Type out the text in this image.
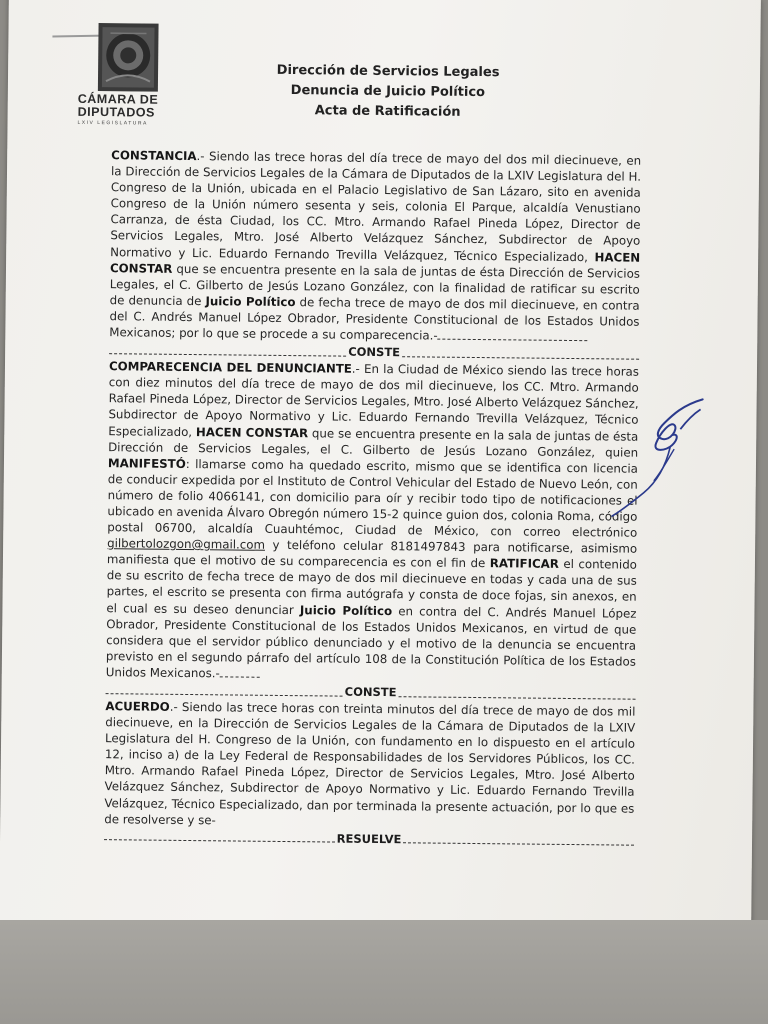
CÁMARA DE
DIPUTADOS
LXIV LEGISLATURA
Dirección de Servicios Legales
Denuncia de Juicio Político
Acta de Ratificación

CONSTANCIA.- Siendo las trece horas del día trece de mayo del dos mil diecinueve, en la Dirección de Servicios Legales de la Cámara de Diputados de la LXIV Legislatura del H. Congreso de la Unión, ubicada en el Palacio Legislativo de San Lázaro, sito en avenida Congreso de la Unión número sesenta y seis, colonia El Parque, alcaldía Venustiano Carranza, de ésta Ciudad, los CC. Mtro. Armando Rafael Pineda López, Director de Servicios Legales, Mtro. José Alberto Velázquez Sánchez, Subdirector de Apoyo Normativo y Lic. Eduardo Fernando Trevilla Velázquez, Técnico Especializado, HACEN CONSTAR que se encuentra presente en la sala de juntas de ésta Dirección de Servicios Legales, el C. Gilberto de Jesús Lozano González, con la finalidad de ratificar su escrito de denuncia de Juicio Político de fecha trece de mayo de dos mil diecinueve, en contra del C. Andrés Manuel López Obrador, Presidente Constitucional de los Estados Unidos Mexicanos; por lo que se procede a su comparecencia.-

CONSTE

COMPARECENCIA DEL DENUNCIANTE.- En la Ciudad de México siendo las trece horas con diez minutos del día trece de mayo de dos mil diecinueve, los CC. Mtro. Armando Rafael Pineda López, Director de Servicios Legales, Mtro. José Alberto Velázquez Sánchez, Subdirector de Apoyo Normativo y Lic. Eduardo Fernando Trevilla Velázquez, Técnico Especializado, HACEN CONSTAR que se encuentra presente en la sala de juntas de ésta Dirección de Servicios Legales, el C. Gilberto de Jesús Lozano González, quien MANIFESTÓ: llamarse como ha quedado escrito, mismo que se identifica con licencia de conducir expedida por el Instituto de Control Vehicular del Estado de Nuevo León, con número de folio 4066141, con domicilio para oír y recibir todo tipo de notificaciones el ubicado en avenida Álvaro Obregón número 15-2 quince guion dos, colonia Roma, código postal 06700, alcaldía Cuauhtémoc, Ciudad de México, con correo electrónico gilbertolozgon@gmail.com y teléfono celular 8181497843 para notificarse, asimismo manifiesta que el motivo de su comparecencia es con el fin de RATIFICAR el contenido de su escrito de fecha trece de mayo de dos mil diecinueve en todas y cada una de sus partes, el escrito se presenta con firma autógrafa y consta de doce fojas, sin anexos, en el cual es su deseo denunciar Juicio Político en contra del C. Andrés Manuel López Obrador, Presidente Constitucional de los Estados Unidos Mexicanos, en virtud de que considera que el servidor público denunciado y el motivo de la denuncia se encuentra previsto en el segundo párrafo del artículo 108 de la Constitución Política de los Estados Unidos Mexicanos.-

CONSTE

ACUERDO.- Siendo las trece horas con treinta minutos del día trece de mayo de dos mil diecinueve, en la Dirección de Servicios Legales de la Cámara de Diputados de la LXIV Legislatura del H. Congreso de la Unión, con fundamento en lo dispuesto en el artículo 12, inciso a) de la Ley Federal de Responsabilidades de los Servidores Públicos, los CC. Mtro. Armando Rafael Pineda López, Director de Servicios Legales, Mtro. José Alberto Velázquez Sánchez, Subdirector de Apoyo Normativo y Lic. Eduardo Fernando Trevilla Velázquez, Técnico Especializado, dan por terminada la presente actuación, por lo que es de resolverse y se-

RESUELVE
